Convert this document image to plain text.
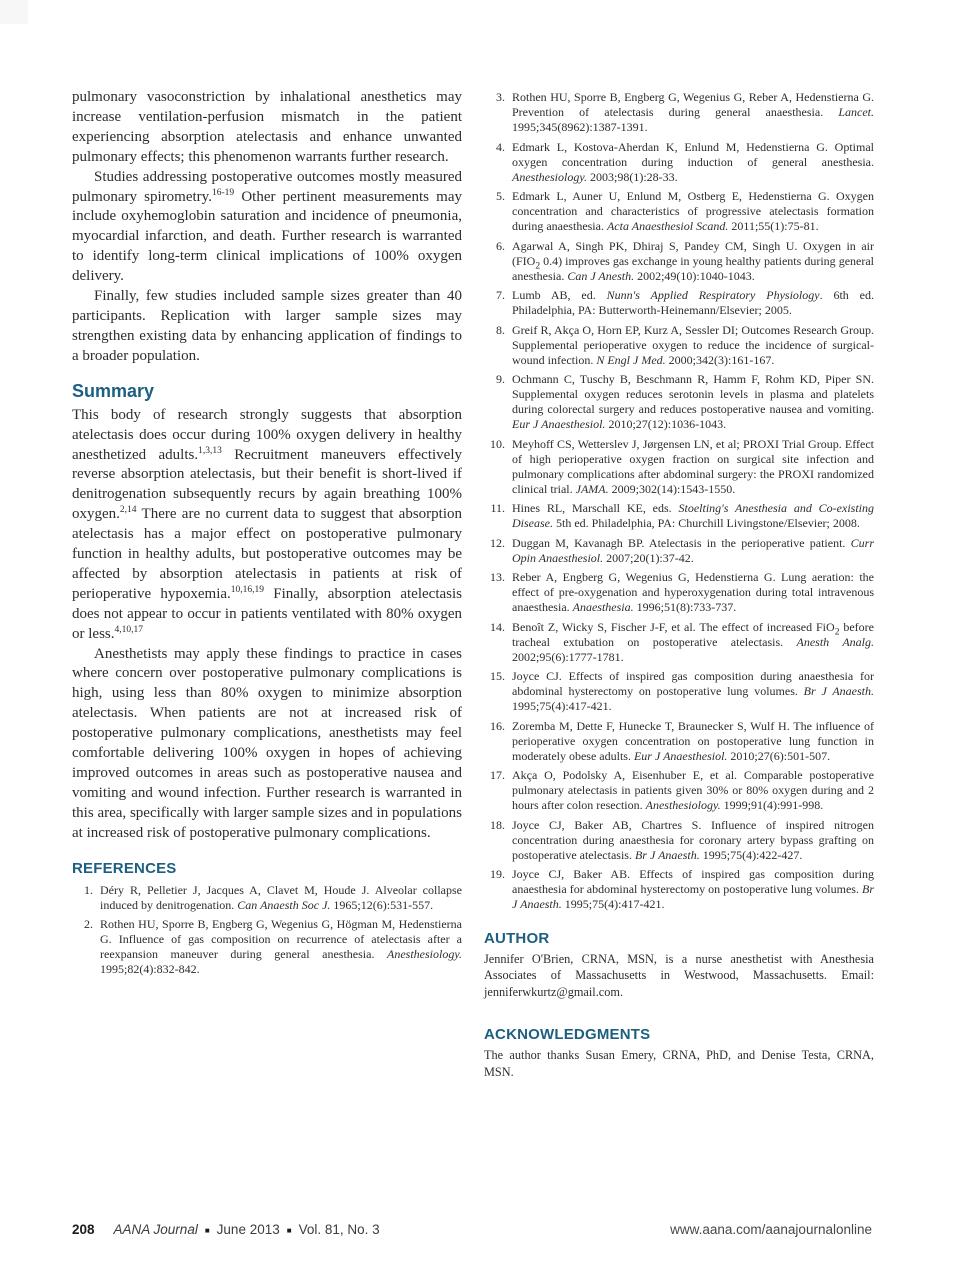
pulmonary vasoconstriction by inhalational anesthetics may increase ventilation-perfusion mismatch in the patient experiencing absorption atelectasis and enhance unwanted pulmonary effects; this phenomenon warrants further research.

Studies addressing postoperative outcomes mostly measured pulmonary spirometry.$^{16-19}$ Other pertinent measurements may include oxyhemoglobin saturation and incidence of pneumonia, myocardial infarction, and death. Further research is warranted to identify long-term clinical implications of 100% oxygen delivery.

Finally, few studies included sample sizes greater than 40 participants. Replication with larger sample sizes may strengthen existing data by enhancing application of findings to a broader population.

Summary

This body of research strongly suggests that absorption atelectasis does occur during 100% oxygen delivery in healthy anesthetized adults.$^{1,3,13}$ Recruitment maneuvers effectively reverse absorption atelectasis, but their benefit is short-lived if denitrogenation subsequently recurs by again breathing 100% oxygen.$^{2,14}$ There are no current data to suggest that absorption atelectasis has a major effect on postoperative pulmonary function in healthy adults, but postoperative outcomes may be affected by absorption atelectasis in patients at risk of perioperative hypoxemia.$^{10,16,19}$ Finally, absorption atelectasis does not appear to occur in patients ventilated with 80% oxygen or less.$^{4,10,17}$

Anesthetists may apply these findings to practice in cases where concern over postoperative pulmonary complications is high, using less than 80% oxygen to minimize absorption atelectasis. When patients are not at increased risk of postoperative pulmonary complications, anesthetists may feel comfortable delivering 100% oxygen in hopes of achieving improved outcomes in areas such as postoperative nausea and vomiting and wound infection. Further research is warranted in this area, specifically with larger sample sizes and in populations at increased risk of postoperative pulmonary complications.

REFERENCES
1. Déry R, Pelletier J, Jacques A, Clavet M, Houde J. Alveolar collapse induced by denitrogenation. Can Anaesth Soc J. 1965;12(6):531-557.
2. Rothen HU, Sporre B, Engberg G, Wegenius G, Högman M, Hedenstierna G. Influence of gas composition on recurrence of atelectasis after a reexpansion maneuver during general anesthesia. Anesthesiology. 1995;82(4):832-842.
3. Rothen HU, Sporre B, Engberg G, Wegenius G, Reber A, Hedenstierna G. Prevention of atelectasis during general anaesthesia. Lancet. 1995;345(8962):1387-1391.
4. Edmark L, Kostova-Aherdan K, Enlund M, Hedenstierna G. Optimal oxygen concentration during induction of general anesthesia. Anesthesiology. 2003;98(1):28-33.
5. Edmark L, Auner U, Enlund M, Ostberg E, Hedenstierna G. Oxygen concentration and characteristics of progressive atelectasis formation during anaesthesia. Acta Anaesthesiol Scand. 2011;55(1):75-81.
6. Agarwal A, Singh PK, Dhiraj S, Pandey CM, Singh U. Oxygen in air ($FIO_2$ 0.4) improves gas exchange in young healthy patients during general anesthesia. Can J Anesth. 2002;49(10):1040-1043.
7. Lumb AB, ed. Nunn's Applied Respiratory Physiology. 6th ed. Philadelphia, PA: Butterworth-Heinemann/Elsevier; 2005.
8. Greif R, Akça O, Horn EP, Kurz A, Sessler DI; Outcomes Research Group. Supplemental perioperative oxygen to reduce the incidence of surgical-wound infection. N Engl J Med. 2000;342(3):161-167.
9. Ochmann C, Tuschy B, Beschmann R, Hamm F, Rohm KD, Piper SN. Supplemental oxygen reduces serotonin levels in plasma and platelets during colorectal surgery and reduces postoperative nausea and vomiting. Eur J Anaesthesiol. 2010;27(12):1036-1043.
10. Meyhoff CS, Wetterslev J, Jørgensen LN, et al; PROXI Trial Group. Effect of high perioperative oxygen fraction on surgical site infection and pulmonary complications after abdominal surgery: the PROXI randomized clinical trial. JAMA. 2009;302(14):1543-1550.
11. Hines RL, Marschall KE, eds. Stoelting's Anesthesia and Co-existing Disease. 5th ed. Philadelphia, PA: Churchill Livingstone/Elsevier; 2008.
12. Duggan M, Kavanagh BP. Atelectasis in the perioperative patient. Curr Opin Anaesthesiol. 2007;20(1):37-42.
13. Reber A, Engberg G, Wegenius G, Hedenstierna G. Lung aeration: the effect of pre-oxygenation and hyperoxygenation during total intravenous anaesthesia. Anaesthesia. 1996;51(8):733-737.
14. Benoît Z, Wicky S, Fischer J-F, et al. The effect of increased FiO$_2$ before tracheal extubation on postoperative atelectasis. Anesth Analg. 2002;95(6):1777-1781.
15. Joyce CJ. Effects of inspired gas composition during anaesthesia for abdominal hysterectomy on postoperative lung volumes. Br J Anaesth. 1995;75(4):417-421.
16. Zoremba M, Dette F, Hunecke T, Braunecker S, Wulf H. The influence of perioperative oxygen concentration on postoperative lung function in moderately obese adults. Eur J Anaesthesiol. 2010;27(6):501-507.
17. Akça O, Podolsky A, Eisenhuber E, et al. Comparable postoperative pulmonary atelectasis in patients given 30% or 80% oxygen during and 2 hours after colon resection. Anesthesiology. 1999;91(4):991-998.
18. Joyce CJ, Baker AB, Chartres S. Influence of inspired nitrogen concentration during anaesthesia for coronary artery bypass grafting on postoperative atelectasis. Br J Anaesth. 1995;75(4):422-427.
19. Joyce CJ, Baker AB. Effects of inspired gas composition during anaesthesia for abdominal hysterectomy on postoperative lung volumes. Br J Anaesth. 1995;75(4):417-421.
AUTHOR

Jennifer O'Brien, CRNA, MSN, is a nurse anesthetist with Anesthesia Associates of Massachusetts in Westwood, Massachusetts. Email: jenniferwkurtz@gmail.com.

ACKNOWLEDGMENTS

The author thanks Susan Emery, CRNA, PhD, and Denise Testa, CRNA, MSN.

208 AANA Journal ■ June 2013 ■ Vol. 81, No. 3	www.aana.com/aanajournalonline
